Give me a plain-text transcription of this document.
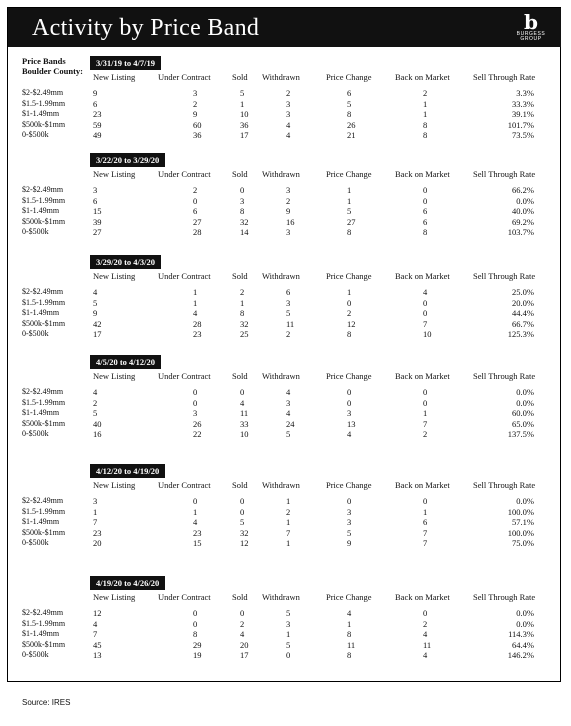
Activity by Price Band	b
BURGESS
GROUP
Price Bands
Boulder County:
3/31/19 to 4/7/19
New Listing	Under Contract	Sold Withdrawn	Price Change	Back on Market	Sell Through Rate
$2-$2.49mm	9	3	5	2	6	2	3.3%
$1.5-1.99mm	6	2	1	3	5	1	33.3%
$1-1.49mm	23	9	10	3	8	1	39.1%
$500k-$1mm	59	60	36	4	26	8	101.7%
0-$500k	49	36	17	4	21	8	73.5%
3/22/20 to 3/29/20
New Listing	Under Contract	Sold Withdrawn	Price Change	Back on Market	Sell Through Rate
$2-$2.49mm	3	2	0	3	1	0	66.2%
$1.5-1.99mm	6	0	3	2	1	0	0.0%
$1-1.49mm	15	6	8	9	5	6	40.0%
$500k-$1mm	39	27	32	16	27	6	69.2%
0-$500k	27	28	14	3	8	8	103.7%
3/29/20 to 4/3/20
New Listing	Under Contract	Sold Withdrawn	Price Change	Back on Market	Sell Through Rate
$2-$2.49mm	4	1	2	6	1	4	25.0%
$1.5-1.99mm	5	1	1	3	0	0	20.0%
$1-1.49mm	9	4	8	5	2	0	44.4%
$500k-$1mm	42	28	32	11	12	7	66.7%
0-$500k	17	23	25	2	8	10	125.3%
4/5/20 to 4/12/20
New Listing	Under Contract	Sold Withdrawn	Price Change	Back on Market	Sell Through Rate
$2-$2.49mm	4	0	0	4	0	0	0.0%
$1.5-1.99mm	2	0	4	3	0	0	0.0%
$1-1.49mm	5	3	11	4	3	1	60.0%
$500k-$1mm	40	26	33	24	13	7	65.0%
0-$500k	16	22	10	5	4	2	137.5%
4/12/20 to 4/19/20
New Listing	Under Contract	Sold Withdrawn	Price Change	Back on Market	Sell Through Rate
$2-$2.49mm	3	0	0	1	0	0	0.0%
$1.5-1.99mm	1	1	0	2	3	1	100.0%
$1-1.49mm	7	4	5	1	3	6	57.1%
$500k-$1mm	23	23	32	7	5	7	100.0%
0-$500k	20	15	12	1	9	7	75.0%
4/19/20 to 4/26/20
New Listing	Under Contract	Sold Withdrawn	Price Change	Back on Market	Sell Through Rate
$2-$2.49mm	12	0	0	5	4	0	0.0%
$1.5-1.99mm	4	0	2	3	1	2	0.0%
$1-1.49mm	7	8	4	1	8	4	114.3%
$500k-$1mm	45	29	20	5	11	11	64.4%
0-$500k	13	19	17	0	8	4	146.2%
Source: IRES
